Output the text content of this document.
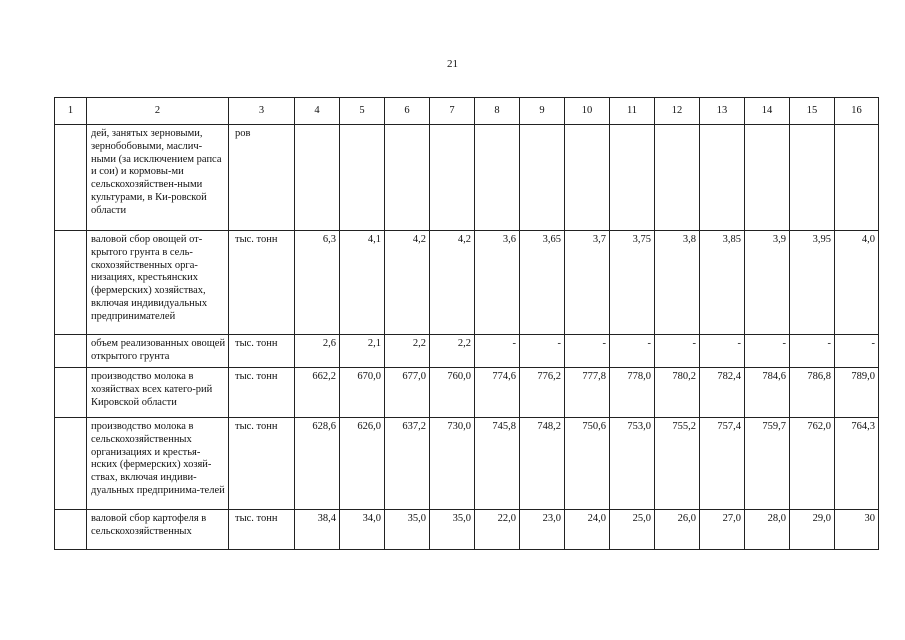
21
1	2	3	4	5	6	7	8	9	10	11	12	13	14	15	16
	дей, занятых зерновыми, зернобобовыми, маслич-ными (за исключением рапса и сои) и кормовы-ми сельскохозяйствен-ными культурами, в Ки-ровской области	ров													
	валовой сбор овощей от-крытого грунта в сель-скохозяйственных орга-низациях, крестьянских (фермерских) хозяйствах, включая индивидуальных предпринимателей	тыс. тонн	6,3	4,1	4,2	4,2	3,6	3,65	3,7	3,75	3,8	3,85	3,9	3,95	4,0
	объем реализованных овощей открытого грунта	тыс. тонн	2,6	2,1	2,2	2,2	-	-	-	-	-	-	-	-	-
	производство молока в хозяйствах всех катего-рий Кировской области	тыс. тонн	662,2	670,0	677,0	760,0	774,6	776,2	777,8	778,0	780,2	782,4	784,6	786,8	789,0
	производство молока в сельскохозяйственных организациях и крестья-нских (фермерских) хозяй-ствах, включая индиви-дуальных предпринима-телей	тыс. тонн	628,6	626,0	637,2	730,0	745,8	748,2	750,6	753,0	755,2	757,4	759,7	762,0	764,3
	валовой сбор картофеля в сельскохозяйственных	тыс. тонн	38,4	34,0	35,0	35,0	22,0	23,0	24,0	25,0	26,0	27,0	28,0	29,0	30
